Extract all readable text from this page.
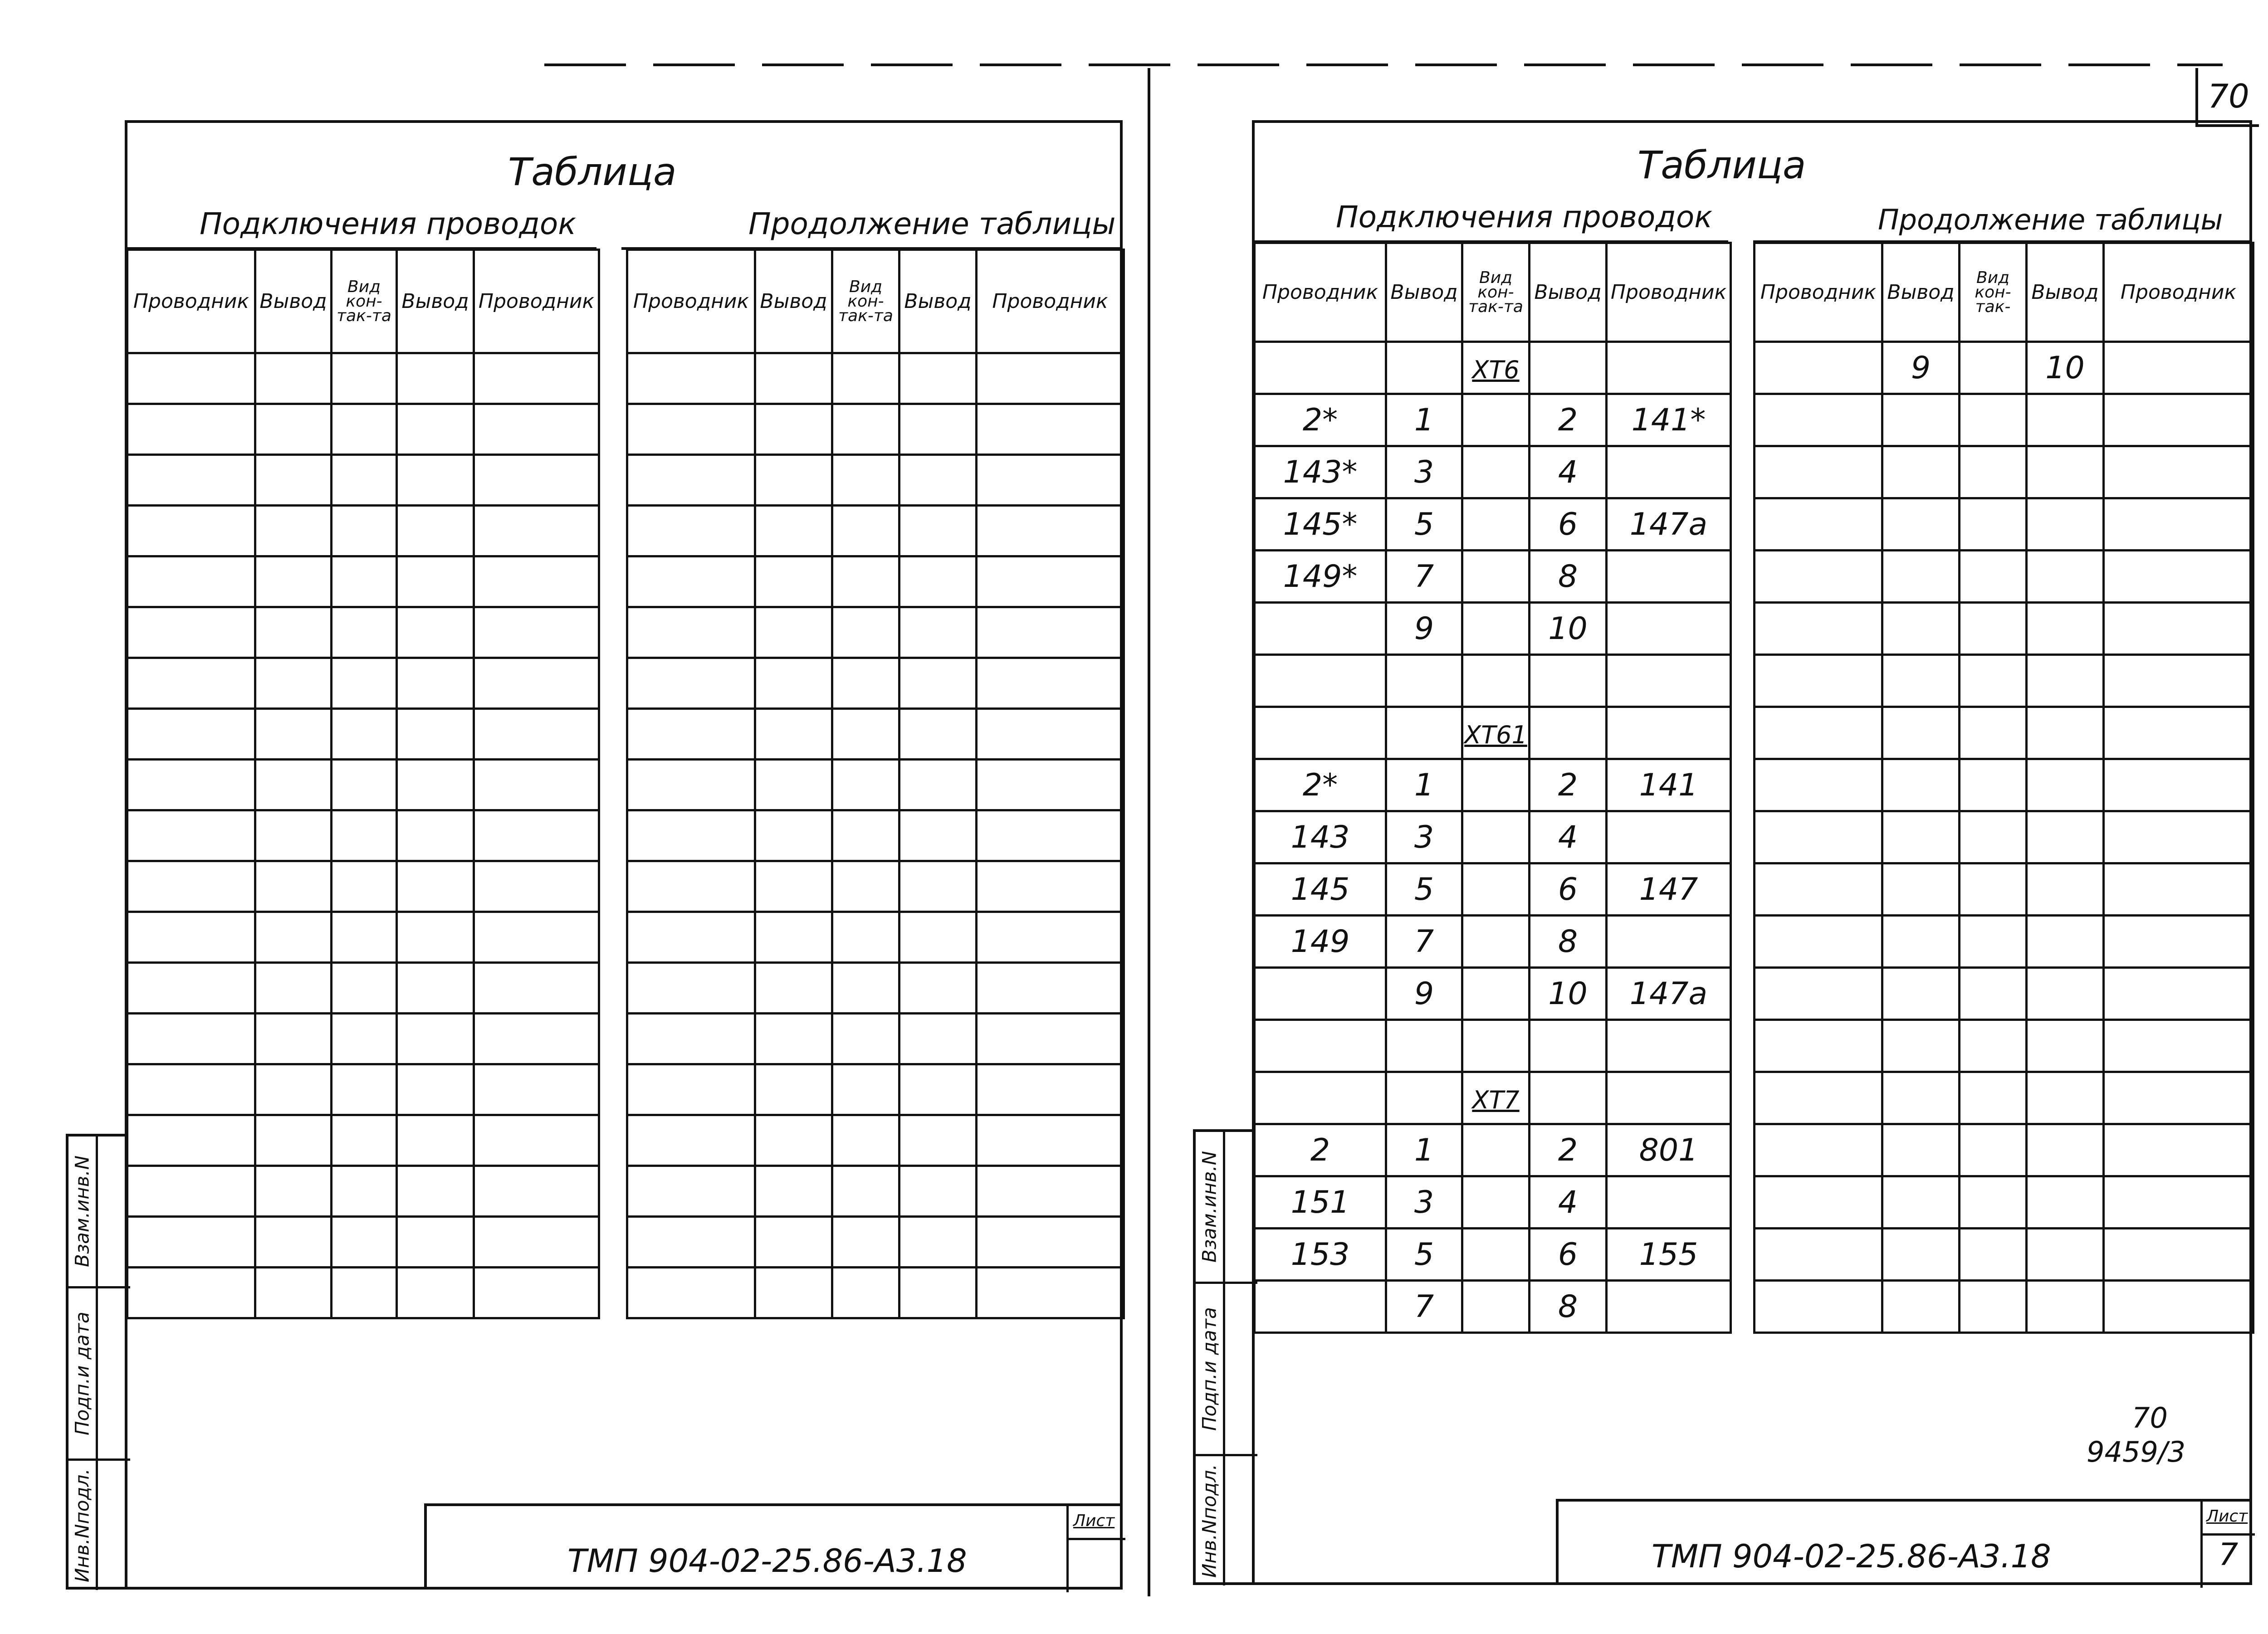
70
Таблица
Подключения проводок	Продолжение таблицы
Проводник	Вывод	Вид кон-так-та	Вывод	Проводник

				Проводник	Вывод	Вид кон-так-та	Вывод	Проводник

Взам.инв.N
Подп.и дата
Инв.Nподл.	ТМП 904-02-25.86-А3.18
Лист
Таблица
Подключения проводок	Продолжение таблицы
Проводник	Вывод	Вид кон-так-та	Вывод	Проводник
		ХТ6		
2*	1		2	141*
143*	3		4	
145*	5		6	147а
149*	7		8	
	9		10	

		ХТ61		
2*	1		2	141
143	3		4	
145	5		6	147
149	7		8	
	9		10	147а

		ХТ7		
2	1		2	801
151	3		4	
153	5		6	155
	7		8	
Проводник	Вывод	Вид кон-так-	Вывод	Проводник
	9		10	

Взам.инв.N
Подп.и дата
Инв.Nподл.
70
9459/3
ТМП 904-02-25.86-А3.18
Лист
7
